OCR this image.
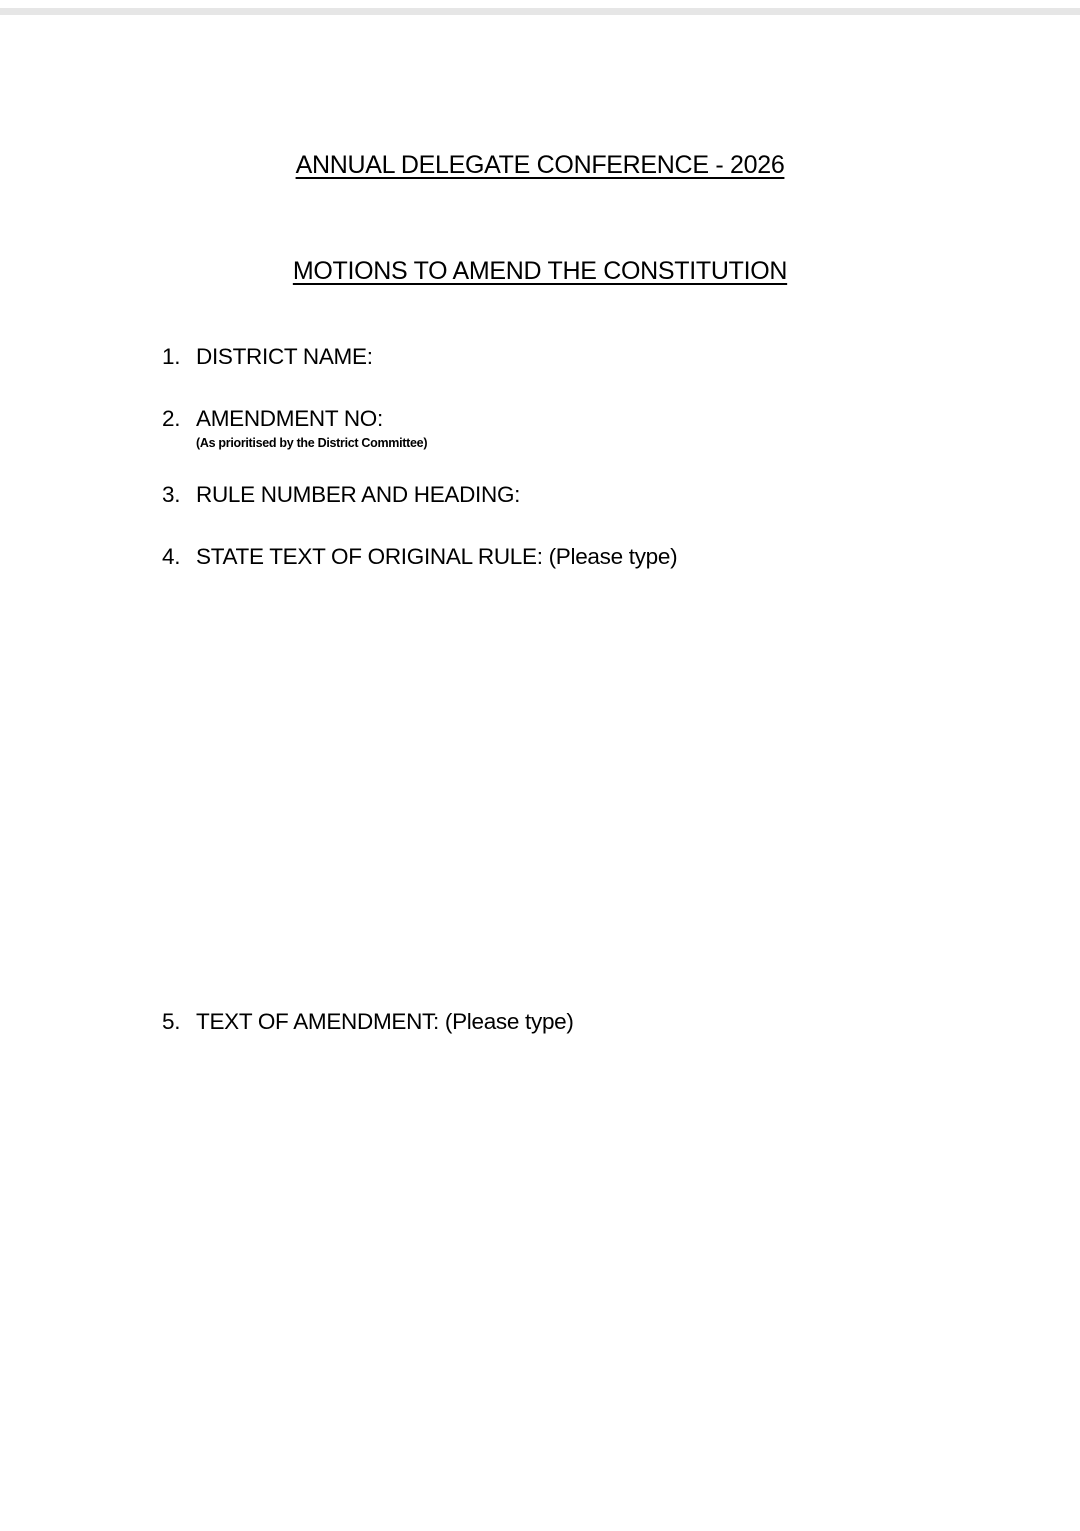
ANNUAL DELEGATE CONFERENCE - 2026
MOTIONS TO AMEND THE CONSTITUTION
1. DISTRICT NAME:
2. AMENDMENT NO:
(As prioritised by the District Committee)
3. RULE NUMBER AND HEADING:
4. STATE TEXT OF ORIGINAL RULE: (Please type)
5. TEXT OF AMENDMENT: (Please type)
